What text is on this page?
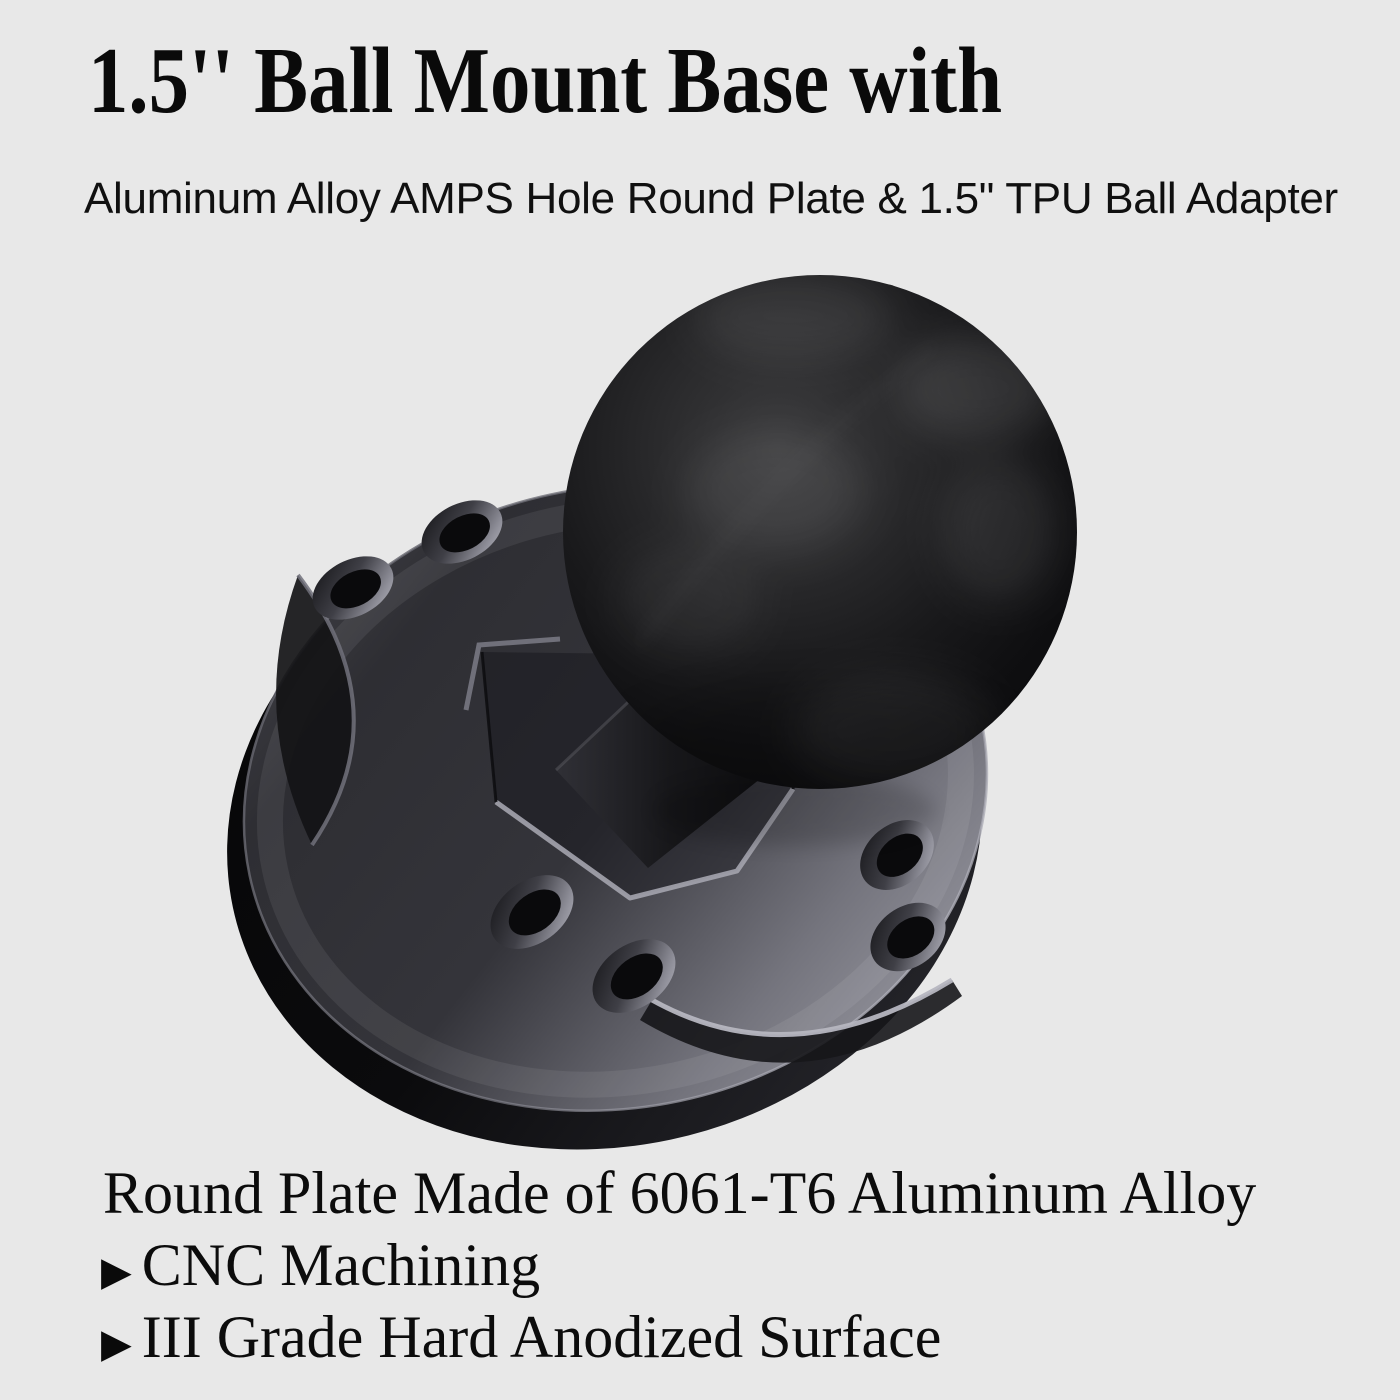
1.5'' Ball Mount Base with
Aluminum Alloy AMPS Hole Round Plate & 1.5" TPU Ball Adapter

Round Plate Made of 6061-T6 Aluminum Alloy

▶ CNC Machining
▶ III Grade Hard Anodized Surface
